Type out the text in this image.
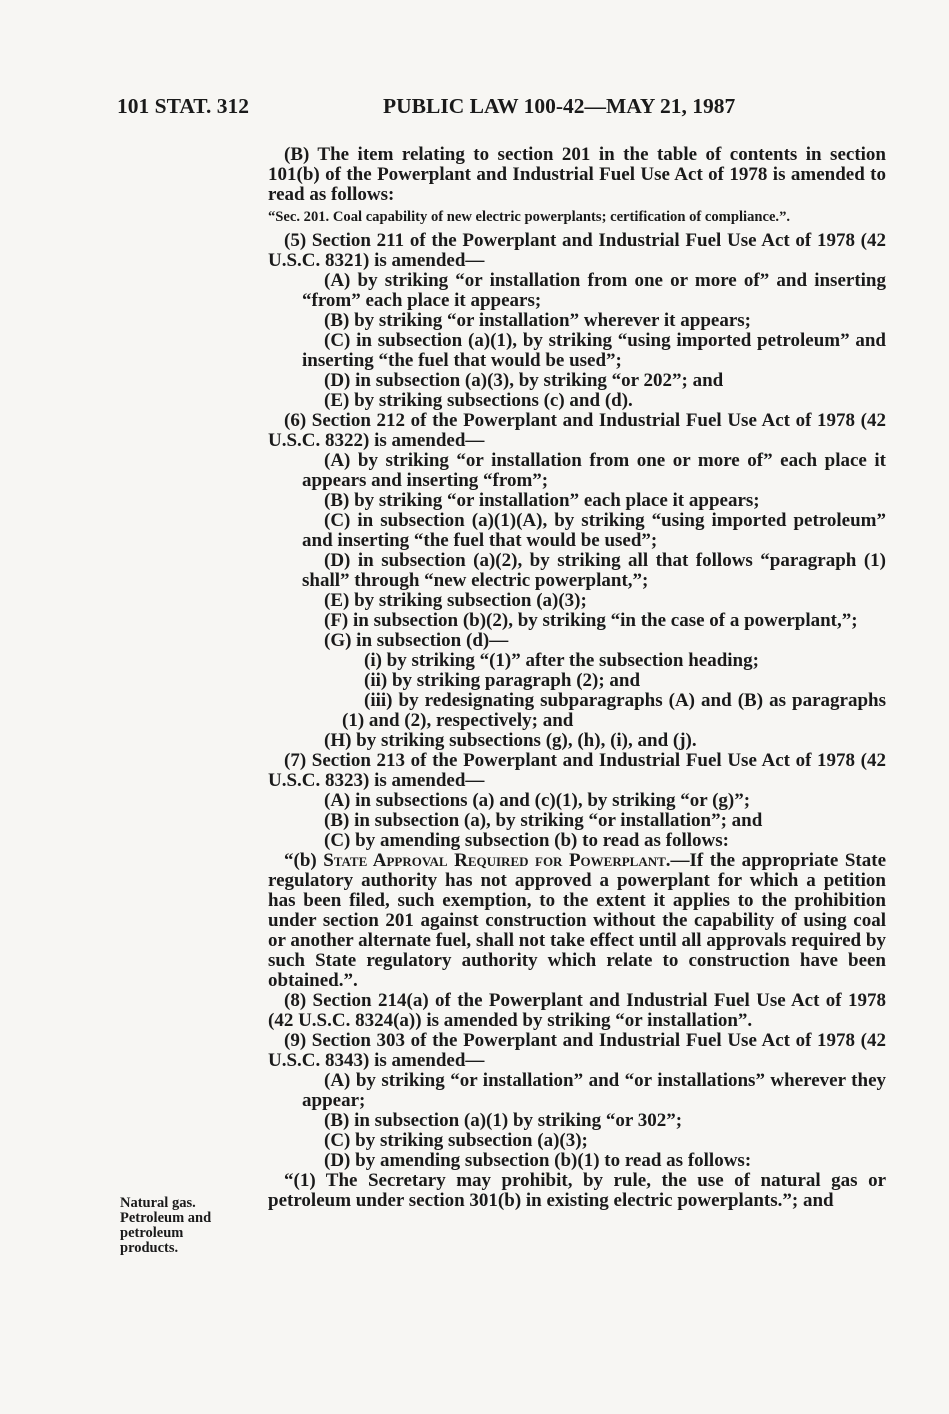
101 STAT. 312	PUBLIC LAW 100-42—MAY 21, 1987

(B) The item relating to section 201 in the table of contents in section 101(b) of the Powerplant and Industrial Fuel Use Act of 1978 is amended to read as follows:

“Sec. 201. Coal capability of new electric powerplants; certification of compliance.”.

(5) Section 211 of the Powerplant and Industrial Fuel Use Act of 1978 (42 U.S.C. 8321) is amended—

(A) by striking “or installation from one or more of” and inserting “from” each place it appears;

(B) by striking “or installation” wherever it appears;

(C) in subsection (a)(1), by striking “using imported petroleum” and inserting “the fuel that would be used”;

(D) in subsection (a)(3), by striking “or 202”; and

(E) by striking subsections (c) and (d).

(6) Section 212 of the Powerplant and Industrial Fuel Use Act of 1978 (42 U.S.C. 8322) is amended—

(A) by striking “or installation from one or more of” each place it appears and inserting “from”;

(B) by striking “or installation” each place it appears;

(C) in subsection (a)(1)(A), by striking “using imported petroleum” and inserting “the fuel that would be used”;

(D) in subsection (a)(2), by striking all that follows “paragraph (1) shall” through “new electric powerplant,”;

(E) by striking subsection (a)(3);

(F) in subsection (b)(2), by striking “in the case of a powerplant,”;

(G) in subsection (d)—

(i) by striking “(1)” after the subsection heading;

(ii) by striking paragraph (2); and

(iii) by redesignating subparagraphs (A) and (B) as paragraphs (1) and (2), respectively; and

(H) by striking subsections (g), (h), (i), and (j).

(7) Section 213 of the Powerplant and Industrial Fuel Use Act of 1978 (42 U.S.C. 8323) is amended—

(A) in subsections (a) and (c)(1), by striking “or (g)”;

(B) in subsection (a), by striking “or installation”; and

(C) by amending subsection (b) to read as follows:

“(b) State Approval Required for Powerplant.—If the appropriate State regulatory authority has not approved a powerplant for which a petition has been filed, such exemption, to the extent it applies to the prohibition under section 201 against construction without the capability of using coal or another alternate fuel, shall not take effect until all approvals required by such State regulatory authority which relate to construction have been obtained.”.

(8) Section 214(a) of the Powerplant and Industrial Fuel Use Act of 1978 (42 U.S.C. 8324(a)) is amended by striking “or installation”.

(9) Section 303 of the Powerplant and Industrial Fuel Use Act of 1978 (42 U.S.C. 8343) is amended—

(A) by striking “or installation” and “or installations” wherever they appear;

(B) in subsection (a)(1) by striking “or 302”;

(C) by striking subsection (a)(3);

(D) by amending subsection (b)(1) to read as follows:

“(1) The Secretary may prohibit, by rule, the use of natural gas or petroleum under section 301(b) in existing electric powerplants.”; and

Natural gas.
Petroleum and
petroleum
products.
